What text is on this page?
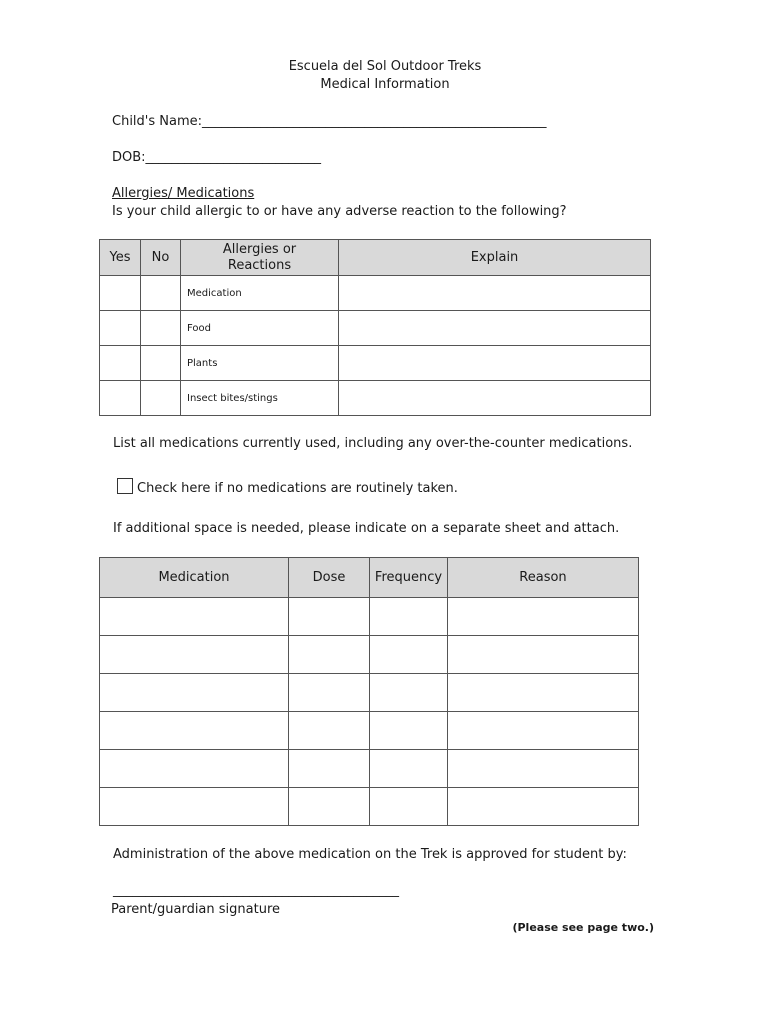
Escuela del Sol Outdoor Treks
Medical Information
Child's Name:_____________________________________________________
DOB:___________________________
Allergies/ Medications
Is your child allergic to or have any adverse reaction to the following?
Yes	No	Allergies or Reactions	Explain
		Medication	
		Food	
		Plants	
		Insect bites/stings	
List all medications currently used, including any over-the-counter medications.
Check here if no medications are routinely taken.
If additional space is needed, please indicate on a separate sheet and attach.
Medication	Dose	Frequency	Reason

Administration of the above medication on the Trek is approved for student by:
____________________________________________
Parent/guardian signature
(Please see page two.)
